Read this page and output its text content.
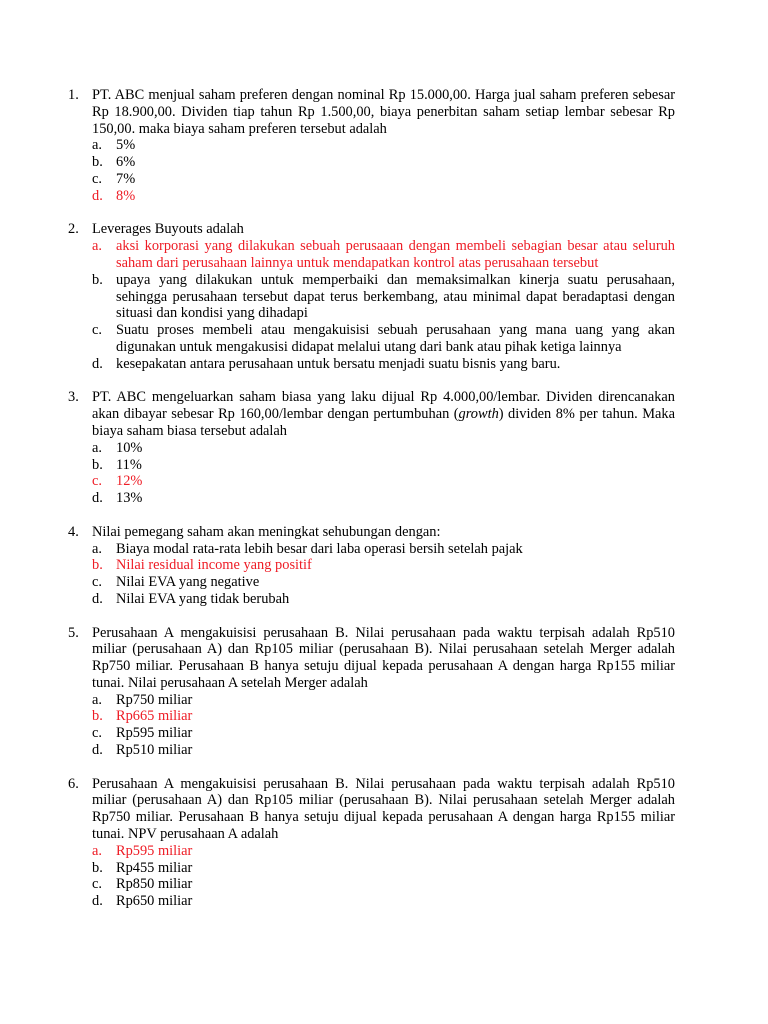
1. PT. ABC menjual saham preferen dengan nominal Rp 15.000,00. Harga jual saham preferen sebesar Rp 18.900,00. Dividen tiap tahun Rp 1.500,00, biaya penerbitan saham setiap lembar sebesar Rp 150,00. maka biaya saham preferen tersebut adalah
a. 5%
b. 6%
c. 7%
d. 8%
2. Leverages Buyouts adalah
a. aksi korporasi yang dilakukan sebuah perusaaan dengan membeli sebagian besar atau seluruh saham dari perusahaan lainnya untuk mendapatkan kontrol atas perusahaan tersebut
b. upaya yang dilakukan untuk memperbaiki dan memaksimalkan kinerja suatu perusahaan, sehingga perusahaan tersebut dapat terus berkembang, atau minimal dapat beradaptasi dengan situasi dan kondisi yang dihadapi
c. Suatu proses membeli atau mengakuisisi sebuah perusahaan yang mana uang yang akan digunakan untuk mengakusisi didapat melalui utang dari bank atau pihak ketiga lainnya
d. kesepakatan antara perusahaan untuk bersatu menjadi suatu bisnis yang baru.
3. PT. ABC mengeluarkan saham biasa yang laku dijual Rp 4.000,00/lembar. Dividen direncanakan akan dibayar sebesar Rp 160,00/lembar dengan pertumbuhan (growth) dividen 8% per tahun. Maka biaya saham biasa tersebut adalah
a. 10%
b. 11%
c. 12%
d. 13%
4. Nilai pemegang saham akan meningkat sehubungan dengan:
a. Biaya modal rata-rata lebih besar dari laba operasi bersih setelah pajak
b. Nilai residual income yang positif
c. Nilai EVA yang negative
d. Nilai EVA yang tidak berubah
5. Perusahaan A mengakuisisi perusahaan B. Nilai perusahaan pada waktu terpisah adalah Rp510 miliar (perusahaan A) dan Rp105 miliar (perusahaan B). Nilai perusahaan setelah Merger adalah Rp750 miliar. Perusahaan B hanya setuju dijual kepada perusahaan A dengan harga Rp155 miliar tunai. Nilai perusahaan A setelah Merger adalah
a. Rp750 miliar
b. Rp665 miliar
c. Rp595 miliar
d. Rp510 miliar
6. Perusahaan A mengakuisisi perusahaan B. Nilai perusahaan pada waktu terpisah adalah Rp510 miliar (perusahaan A) dan Rp105 miliar (perusahaan B). Nilai perusahaan setelah Merger adalah Rp750 miliar. Perusahaan B hanya setuju dijual kepada perusahaan A dengan harga Rp155 miliar tunai. NPV perusahaan A adalah
a. Rp595 miliar
b. Rp455 miliar
c. Rp850 miliar
d. Rp650 miliar
